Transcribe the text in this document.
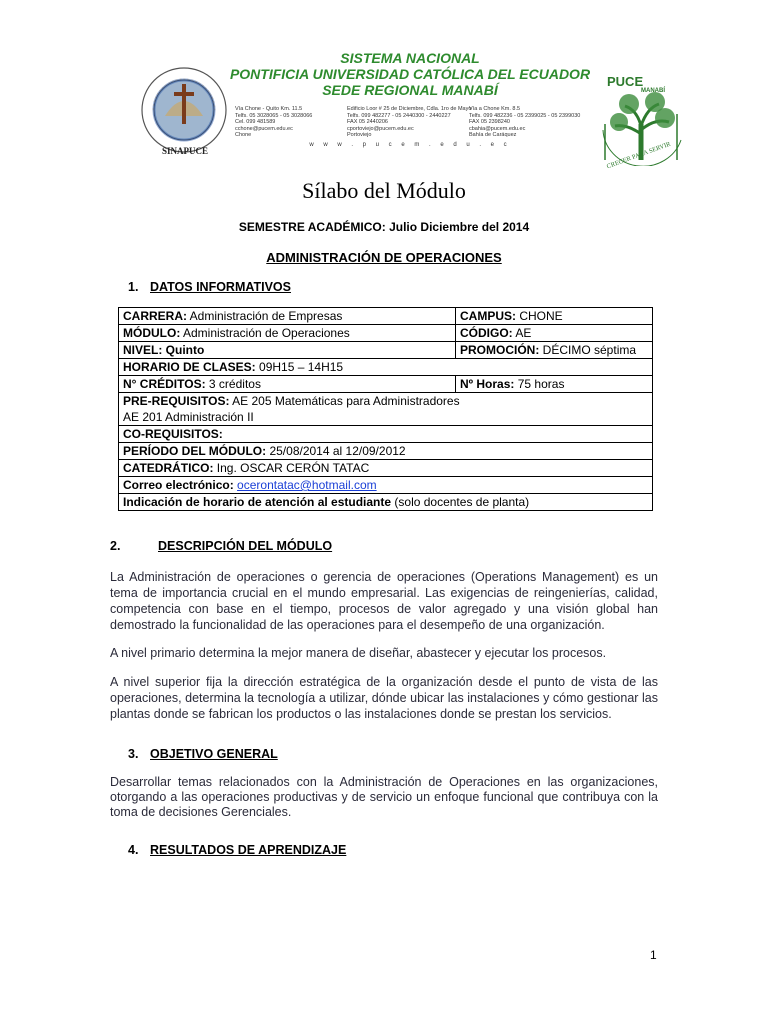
SINAPUCE
SISTEMA NACIONAL
PONTIFICIA UNIVERSIDAD CATÓLICA DEL ECUADOR
SEDE REGIONAL MANABÍ
Vía Chone - Quito Km. 11.5
Telfs. 05 3028065 - 05 3028066
Cel. 099 481589
cchone@pucem.edu.ec
Chone
Edificio Loor # 25 de Diciembre, Cdla. 1ro de Mayo
Telfs. 099 482277 - 05 2440300 - 2440227
FAX 05 2440206
cportoviejo@pucem.edu.ec
Portoviejo
Vía a Chone Km. 8.5
Telfs. 099 482236 - 05 2399025 - 05 2399030
FAX 05 2398240
cbahia@pucem.edu.ec
Bahía de Caráquez
w w w . p u c e m . e d u . e c
PUCE
MANABÍ
CRECER PARA SERVIR
Sílabo del Módulo
SEMESTRE ACADÉMICO: Julio Diciembre del 2014
ADMINISTRACIÓN DE OPERACIONES
1. DATOS INFORMATIVOS
CARRERA: Administración de Empresas	CAMPUS: CHONE
MÓDULO: Administración de Operaciones	CÓDIGO: AE
NIVEL: Quinto	PROMOCIÓN: DÉCIMO séptima
HORARIO DE CLASES: 09H15 – 14H15	
N° CRÉDITOS: 3 créditos	Nº Horas: 75 horas
PRE-REQUISITOS: AE 205 Matemáticas para Administradores
AE 201 Administración II	
CO-REQUISITOS:	
PERÍODO DEL MÓDULO: 25/08/2014 al 12/09/2012	
CATEDRÁTICO: Ing. OSCAR CERÓN TATAC	
Correo electrónico: ocerontatac@hotmail.com	
Indicación de horario de atención al estudiante (solo docentes de planta)	
2.	DESCRIPCIÓN DEL MÓDULO
La Administración de operaciones o gerencia de operaciones (Operations Management) es un tema de importancia crucial en el mundo empresarial. Las exigencias de reingenierías, calidad, competencia con base en el tiempo, procesos de valor agregado y una visión global han demostrado la funcionalidad de las operaciones para el desempeño de una organización.
A nivel primario determina la mejor manera de diseñar, abastecer y ejecutar los procesos.
A nivel superior fija la dirección estratégica de la organización desde el punto de vista de las operaciones, determina la tecnología a utilizar, dónde ubicar las instalaciones y cómo gestionar las plantas donde se fabrican los productos o las instalaciones donde se prestan los servicios.
3. OBJETIVO GENERAL
Desarrollar temas relacionados con la Administración de Operaciones en las organizaciones, otorgando a las operaciones productivas y de servicio un enfoque funcional que contribuya con la toma de decisiones Gerenciales.
4. RESULTADOS DE APRENDIZAJE
1
